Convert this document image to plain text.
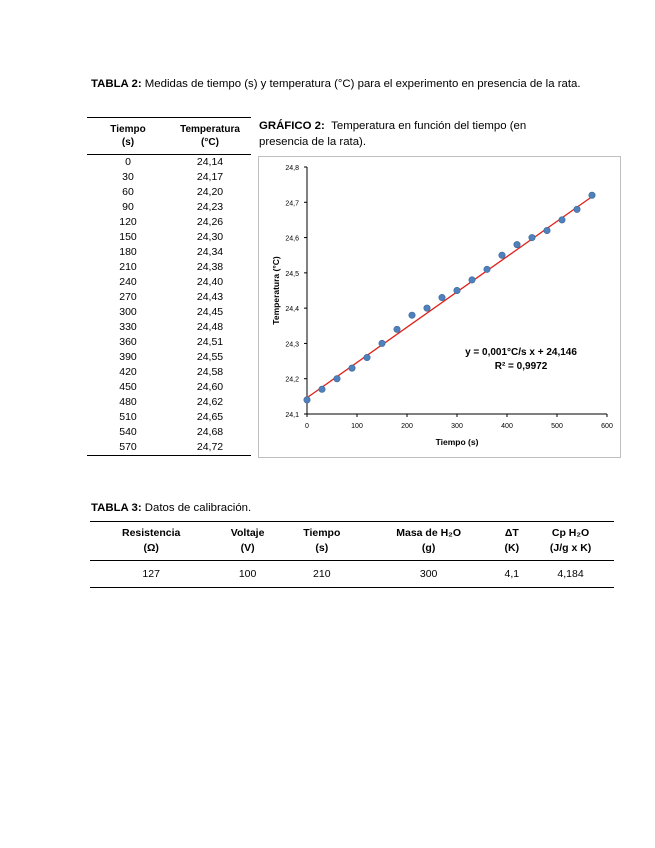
TABLA 2: Medidas de tiempo (s) y temperatura (°C) para el experimento en presencia de la rata.
GRÁFICO 2: Temperatura en función del tiempo (en
presencia de la rata).
Tiempo
(s)	Temperatura
(°C)
0	24,14
30	24,17
60	24,20
90	24,23
120	24,26
150	24,30
180	24,34
210	24,38
240	24,40
270	24,43
300	24,45
330	24,48
360	24,51
390	24,55
420	24,58
450	24,60
480	24,62
510	24,65
540	24,68
570	24,72
24,1
24,2
24,3
24,4
24,5
24,6
24,7
24,8
0	100	200	300	400	500	600
y = 0,001°C/s x + 24,146
R² = 0,9972
Tiempo (s)
Temperatura (°C)
TABLA 3: Datos de calibración.
Resistencia
(Ω)	Voltaje
(V)	Tiempo
(s)	Masa de H₂O
(g)	ΔT
(K)	Cp H₂O
(J/g x K)
127	100	210	300	4,1	4,184
